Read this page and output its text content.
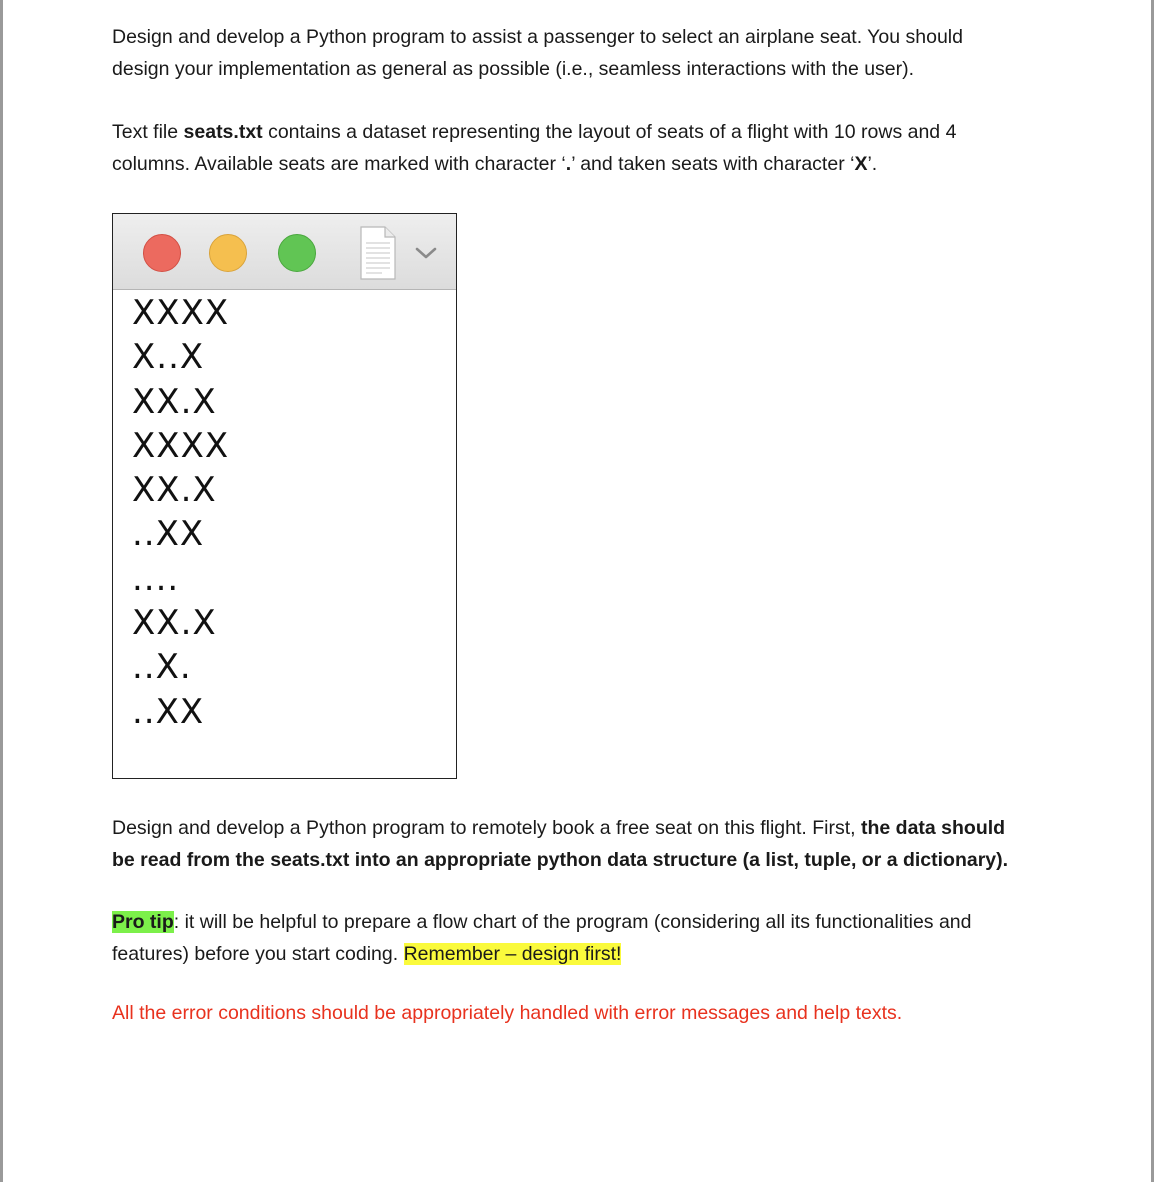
Design and develop a Python program to assist a passenger to select an airplane seat. You should
design your implementation as general as possible (i.e., seamless interactions with the user).

Text file seats.txt contains a dataset representing the layout of seats of a flight with 10 rows and 4
columns. Available seats are marked with character ‘.’ and taken seats with character ‘X’.

XXXX
X..X
XX.X
XXXX
XX.X
..XX
....
XX.X
..X.
..XX

Design and develop a Python program to remotely book a free seat on this flight. First, the data should
be read from the seats.txt into an appropriate python data structure (a list, tuple, or a dictionary).

Pro tip: it will be helpful to prepare a flow chart of the program (considering all its functionalities and
features) before you start coding. Remember – design first!

All the error conditions should be appropriately handled with error messages and help texts.
